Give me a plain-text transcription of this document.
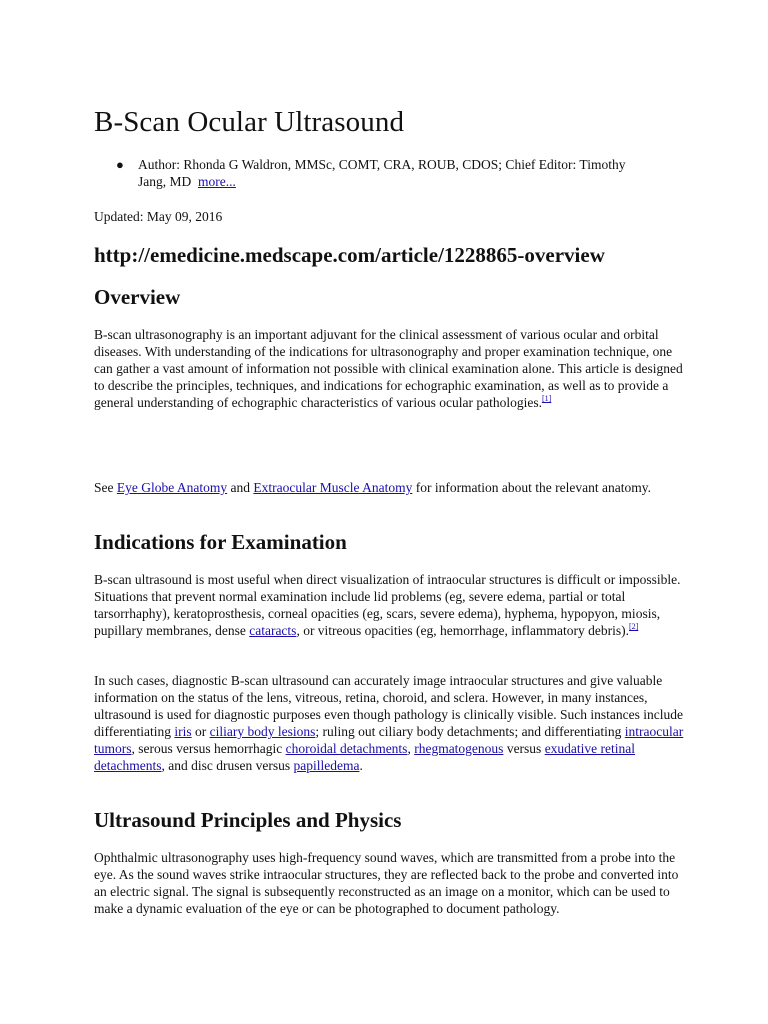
B-Scan Ocular Ultrasound
● Author: Rhonda G Waldron, MMSc, COMT, CRA, ROUB, CDOS; Chief Editor: Timothy Jang, MD more...

Updated: May 09, 2016

http://emedicine.medscape.com/article/1228865-overview

Overview

B-scan ultrasonography is an important adjuvant for the clinical assessment of various ocular and orbital diseases. With understanding of the indications for ultrasonography and proper examination technique, one can gather a vast amount of information not possible with clinical examination alone. This article is designed to describe the principles, techniques, and indications for echographic examination, as well as to provide a general understanding of echographic characteristics of various ocular pathologies.[1]

See Eye Globe Anatomy and Extraocular Muscle Anatomy for information about the relevant anatomy.

Indications for Examination

B-scan ultrasound is most useful when direct visualization of intraocular structures is difficult or impossible. Situations that prevent normal examination include lid problems (eg, severe edema, partial or total tarsorrhaphy), keratoprosthesis, corneal opacities (eg, scars, severe edema), hyphema, hypopyon, miosis, pupillary membranes, dense cataracts, or vitreous opacities (eg, hemorrhage, inflammatory debris).[2]

In such cases, diagnostic B-scan ultrasound can accurately image intraocular structures and give valuable information on the status of the lens, vitreous, retina, choroid, and sclera. However, in many instances, ultrasound is used for diagnostic purposes even though pathology is clinically visible. Such instances include differentiating iris or ciliary body lesions; ruling out ciliary body detachments; and differentiating intraocular tumors, serous versus hemorrhagic choroidal detachments, rhegmatogenous versus exudative retinal detachments, and disc drusen versus papilledema.

Ultrasound Principles and Physics

Ophthalmic ultrasonography uses high-frequency sound waves, which are transmitted from a probe into the eye. As the sound waves strike intraocular structures, they are reflected back to the probe and converted into an electric signal. The signal is subsequently reconstructed as an image on a monitor, which can be used to make a dynamic evaluation of the eye or can be photographed to document pathology.
